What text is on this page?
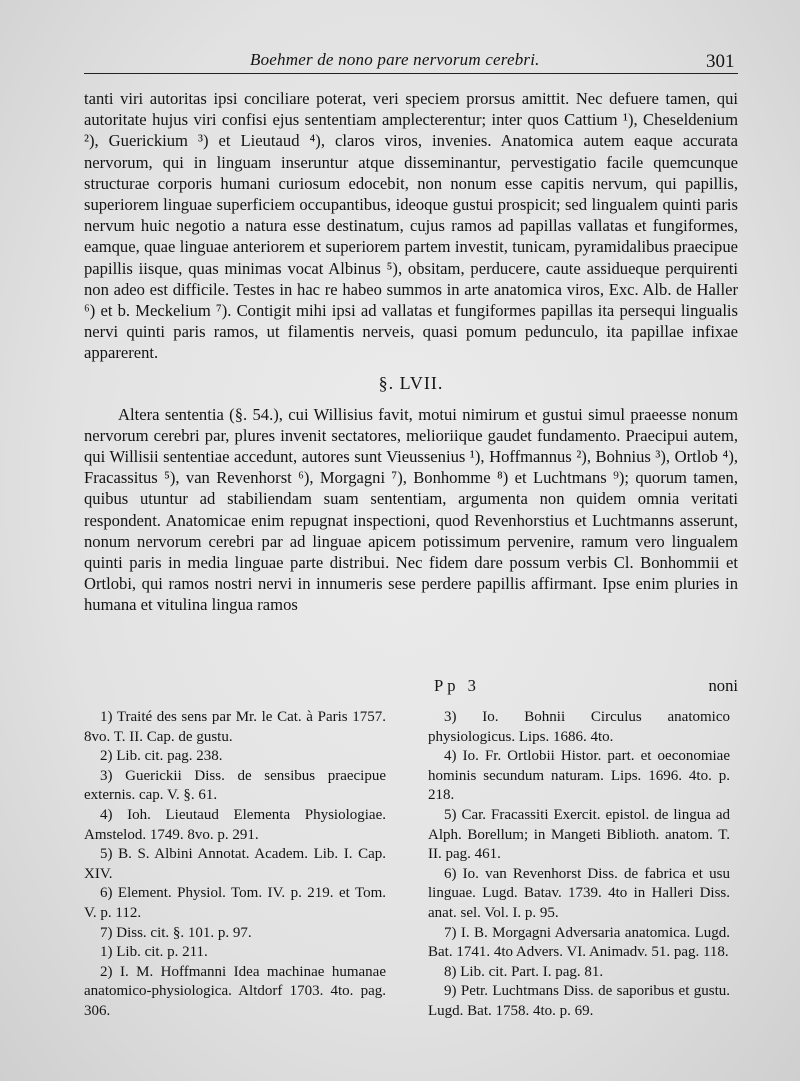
Boehmer de nono pare nervorum cerebri.	301

tanti viri autoritas ipsi conciliare poterat, veri speciem prorsus amittit. Nec defuere tamen, qui autoritate hujus viri confisi ejus sententiam amplecterentur; inter quos Cattium ¹), Cheseldenium ²), Guerickium ³) et Lieutaud ⁴), claros viros, invenies. Anatomica autem eaque accurata nervorum, qui in linguam inseruntur atque disseminantur, pervestigatio facile quemcunque structurae corporis humani curiosum edocebit, non nonum esse capitis nervum, qui papillis, superiorem linguae superficiem occupantibus, ideoque gustui prospicit; sed lingualem quinti paris nervum huic negotio a natura esse destinatum, cujus ramos ad papillas vallatas et fungiformes, eamque, quae linguae anteriorem et superiorem partem investit, tunicam, pyramidalibus praecipue papillis iisque, quas minimas vocat Albinus ⁵), obsitam, perducere, caute assidueque perquirenti non adeo est difficile. Testes in hac re habeo summos in arte anatomica viros, Exc. Alb. de Haller ⁶) et b. Meckelium ⁷). Contigit mihi ipsi ad vallatas et fungiformes papillas ita persequi lingualis nervi quinti paris ramos, ut filamentis nerveis, quasi pomum pedunculo, ita papillae infixae apparerent.

§. LVII.

Altera sententia (§. 54.), cui Willisius favit, motui nimirum et gustui simul praeesse nonum nervorum cerebri par, plures invenit sectatores, melioriique gaudet fundamento. Praecipui autem, qui Willisii sententiae accedunt, autores sunt Vieussenius ¹), Hoffmannus ²), Bohnius ³), Ortlob ⁴), Fracassitus ⁵), van Revenhorst ⁶), Morgagni ⁷), Bonhomme ⁸) et Luchtmans ⁹); quorum tamen, quibus utuntur ad stabiliendam suam sententiam, argumenta non quidem omnia veritati respondent. Anatomicae enim repugnat inspectioni, quod Revenhorstius et Luchtmanns asserunt, nonum nervorum cerebri par ad linguae apicem potissimum pervenire, ramum vero lingualem quinti paris in media linguae parte distribui. Nec fidem dare possum verbis Cl. Bonhommii et Ortlobi, qui ramos nostri nervi in innumeris sese perdere papillis affirmant. Ipse enim pluries in humana et vitulina lingua ramos

Pp 3	noni

1) Traité des sens par Mr. le Cat. à Paris 1757. 8vo. T. II. Cap. de gustu.

2) Lib. cit. pag. 238.

3) Guerickii Diss. de sensibus praecipue externis. cap. V. §. 61.

4) Ioh. Lieutaud Elementa Physiologiae. Amstelod. 1749. 8vo. p. 291.

5) B. S. Albini Annotat. Academ. Lib. I. Cap. XIV.

6) Element. Physiol. Tom. IV. p. 219. et Tom. V. p. 112.

7) Diss. cit. §. 101. p. 97.

1) Lib. cit. p. 211.

2) I. M. Hoffmanni Idea machinae humanae anatomico-physiologica. Altdorf 1703. 4to. pag. 306.

3) Io. Bohnii Circulus anatomico physiologicus. Lips. 1686. 4to.

4) Io. Fr. Ortlobii Histor. part. et oeconomiae hominis secundum naturam. Lips. 1696. 4to. p. 218.

5) Car. Fracassiti Exercit. epistol. de lingua ad Alph. Borellum; in Mangeti Biblioth. anatom. T. II. pag. 461.

6) Io. van Revenhorst Diss. de fabrica et usu linguae. Lugd. Batav. 1739. 4to in Halleri Diss. anat. sel. Vol. I. p. 95.

7) I. B. Morgagni Adversaria anatomica. Lugd. Bat. 1741. 4to Advers. VI. Animadv. 51. pag. 118.

8) Lib. cit. Part. I. pag. 81.

9) Petr. Luchtmans Diss. de saporibus et gustu. Lugd. Bat. 1758. 4to. p. 69.
